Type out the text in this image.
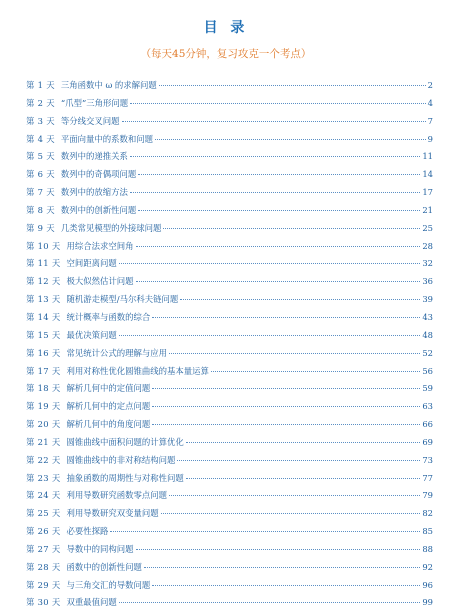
目 录
（每天45分钟，复习攻克一个考点）
第 1 天 三角函数中 ω 的求解问题	2
第 2 天 “爪型”三角形问题	4
第 3 天 等分线交叉问题	7
第 4 天 平面向量中的系数和问题	9
第 5 天 数列中的递推关系	11
第 6 天 数列中的奇偶项问题	14
第 7 天 数列中的放缩方法	17
第 8 天 数列中的创新性问题	21
第 9 天 几类常见模型的外接球问题	25
第 10 天 用综合法求空间角	28
第 11 天 空间距离问题	32
第 12 天 极大似然估计问题	36
第 13 天 随机游走模型/马尔科夫链问题	39
第 14 天 统计概率与函数的综合	43
第 15 天 最优决策问题	48
第 16 天 常见统计公式的理解与应用	52
第 17 天 利用对称性优化圆锥曲线的基本量运算	56
第 18 天 解析几何中的定值问题	59
第 19 天 解析几何中的定点问题	63
第 20 天 解析几何中的角度问题	66
第 21 天 圆锥曲线中面积问题的计算优化	69
第 22 天 圆锥曲线中的非对称结构问题	73
第 23 天 抽象函数的周期性与对称性问题	77
第 24 天 利用导数研究函数零点问题	79
第 25 天 利用导数研究双变量问题	82
第 26 天 必要性探路	85
第 27 天 导数中的同构问题	88
第 28 天 函数中的创新性问题	92
第 29 天 与三角交汇的导数问题	96
第 30 天 双重最值问题	99
